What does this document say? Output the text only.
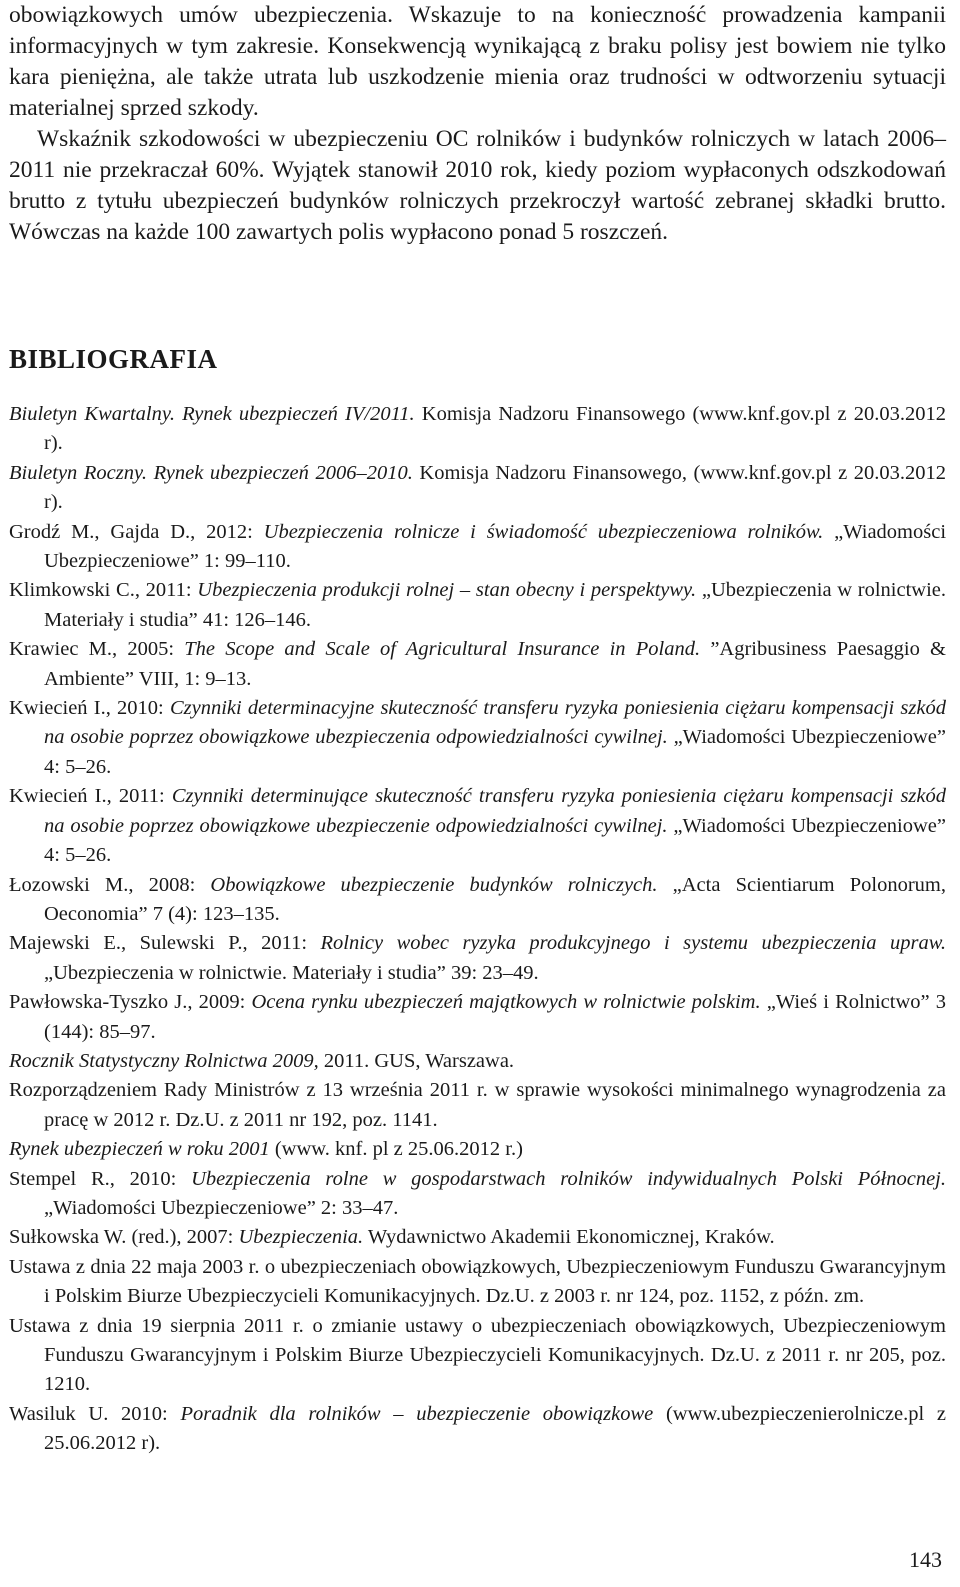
obowiązkowych umów ubezpieczenia. Wskazuje to na konieczność prowadzenia kampanii informacyjnych w tym zakresie. Konsekwencją wynikającą z braku polisy jest bowiem nie tylko kara pieniężna, ale także utrata lub uszkodzenie mienia oraz trudności w odtworzeniu sytuacji materialnej sprzed szkody.

Wskaźnik szkodowości w ubezpieczeniu OC rolników i budynków rolniczych w latach 2006–2011 nie przekraczał 60%. Wyjątek stanowił 2010 rok, kiedy poziom wypłaconych odszkodowań brutto z tytułu ubezpieczeń budynków rolniczych przekroczył wartość zebranej składki brutto. Wówczas na każde 100 zawartych polis wypłacono ponad 5 roszczeń.

BIBLIOGRAFIA

Biuletyn Kwartalny. Rynek ubezpieczeń IV/2011. Komisja Nadzoru Finansowego (www.knf.gov.pl z 20.03.2012 r).

Biuletyn Roczny. Rynek ubezpieczeń 2006–2010. Komisja Nadzoru Finansowego, (www.knf.gov.pl z 20.03.2012 r).

Grodź M., Gajda D., 2012: Ubezpieczenia rolnicze i świadomość ubezpieczeniowa rolników. „Wiadomości Ubezpieczeniowe” 1: 99–110.

Klimkowski C., 2011: Ubezpieczenia produkcji rolnej – stan obecny i perspektywy. „Ubezpieczenia w rolnictwie. Materiały i studia” 41: 126–146.

Krawiec M., 2005: The Scope and Scale of Agricultural Insurance in Poland. ”Agribusiness Paesaggio & Ambiente” VIII, 1: 9–13.

Kwiecień I., 2010: Czynniki determinacyjne skuteczność transferu ryzyka poniesienia ciężaru kompensacji szkód na osobie poprzez obowiązkowe ubezpieczenia odpowiedzialności cywilnej. „Wiadomości Ubezpieczeniowe” 4: 5–26.

Kwiecień I., 2011: Czynniki determinujące skuteczność transferu ryzyka poniesienia ciężaru kompensacji szkód na osobie poprzez obowiązkowe ubezpieczenie odpowiedzialności cywilnej. „Wiadomości Ubezpieczeniowe” 4: 5–26.

Łozowski M., 2008: Obowiązkowe ubezpieczenie budynków rolniczych. „Acta Scientiarum Polonorum, Oeconomia” 7 (4): 123–135.

Majewski E., Sulewski P., 2011: Rolnicy wobec ryzyka produkcyjnego i systemu ubezpieczenia upraw. „Ubezpieczenia w rolnictwie. Materiały i studia” 39: 23–49.

Pawłowska-Tyszko J., 2009: Ocena rynku ubezpieczeń majątkowych w rolnictwie polskim. „Wieś i Rolnictwo” 3 (144): 85–97.

Rocznik Statystyczny Rolnictwa 2009, 2011. GUS, Warszawa.

Rozporządzeniem Rady Ministrów z 13 września 2011 r. w sprawie wysokości minimalnego wynagrodzenia za pracę w 2012 r. Dz.U. z 2011 nr 192, poz. 1141.

Rynek ubezpieczeń w roku 2001 (www. knf. pl z 25.06.2012 r.)

Stempel R., 2010: Ubezpieczenia rolne w gospodarstwach rolników indywidualnych Polski Północnej. „Wiadomości Ubezpieczeniowe” 2: 33–47.

Sułkowska W. (red.), 2007: Ubezpieczenia. Wydawnictwo Akademii Ekonomicznej, Kraków.

Ustawa z dnia 22 maja 2003 r. o ubezpieczeniach obowiązkowych, Ubezpieczeniowym Funduszu Gwarancyjnym i Polskim Biurze Ubezpieczycieli Komunikacyjnych. Dz.U. z 2003 r. nr 124, poz. 1152, z późn. zm.

Ustawa z dnia 19 sierpnia 2011 r. o zmianie ustawy o ubezpieczeniach obowiązkowych, Ubezpieczeniowym Funduszu Gwarancyjnym i Polskim Biurze Ubezpieczycieli Komunikacyjnych. Dz.U. z 2011 r. nr 205, poz. 1210.

Wasiluk U. 2010: Poradnik dla rolników – ubezpieczenie obowiązkowe (www.ubezpieczenierolnicze.pl z 25.06.2012 r).

143
